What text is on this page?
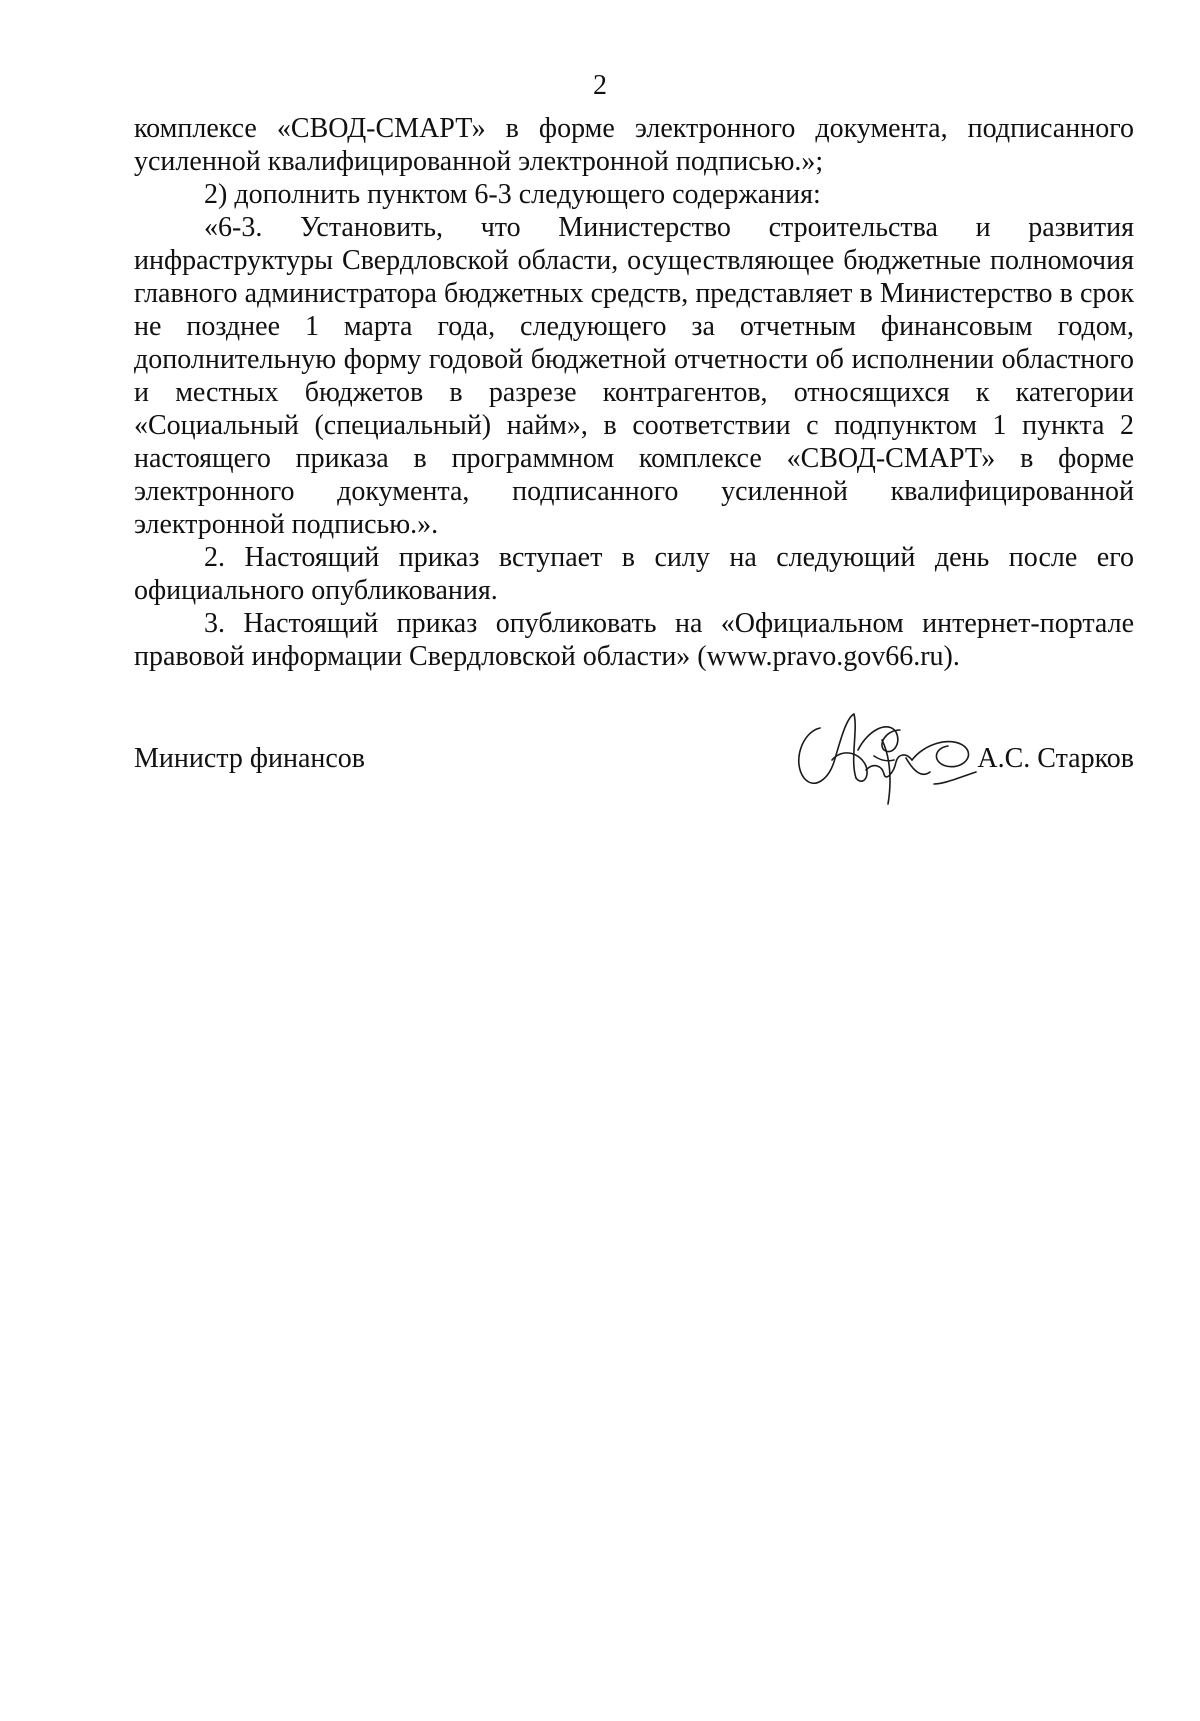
2

комплексе «СВОД-СМАРТ» в форме электронного документа, подписанного усиленной квалифицированной электронной подписью.»;

2) дополнить пунктом 6-3 следующего содержания:

«6-3. Установить, что Министерство строительства и развития инфраструктуры Свердловской области, осуществляющее бюджетные полномочия главного администратора бюджетных средств, представляет в Министерство в срок не позднее 1 марта года, следующего за отчетным финансовым годом, дополнительную форму годовой бюджетной отчетности об исполнении областного и местных бюджетов в разрезе контрагентов, относящихся к категории «Социальный (специальный) найм», в соответствии с подпунктом 1 пункта 2 настоящего приказа в программном комплексе «СВОД-СМАРТ» в форме электронного документа, подписанного усиленной квалифицированной электронной подписью.».

2. Настоящий приказ вступает в силу на следующий день после его официального опубликования.

3. Настоящий приказ опубликовать на «Официальном интернет-портале правовой информации Свердловской области» (www.pravo.gov66.ru).

Министр финансов	А.С. Старков
